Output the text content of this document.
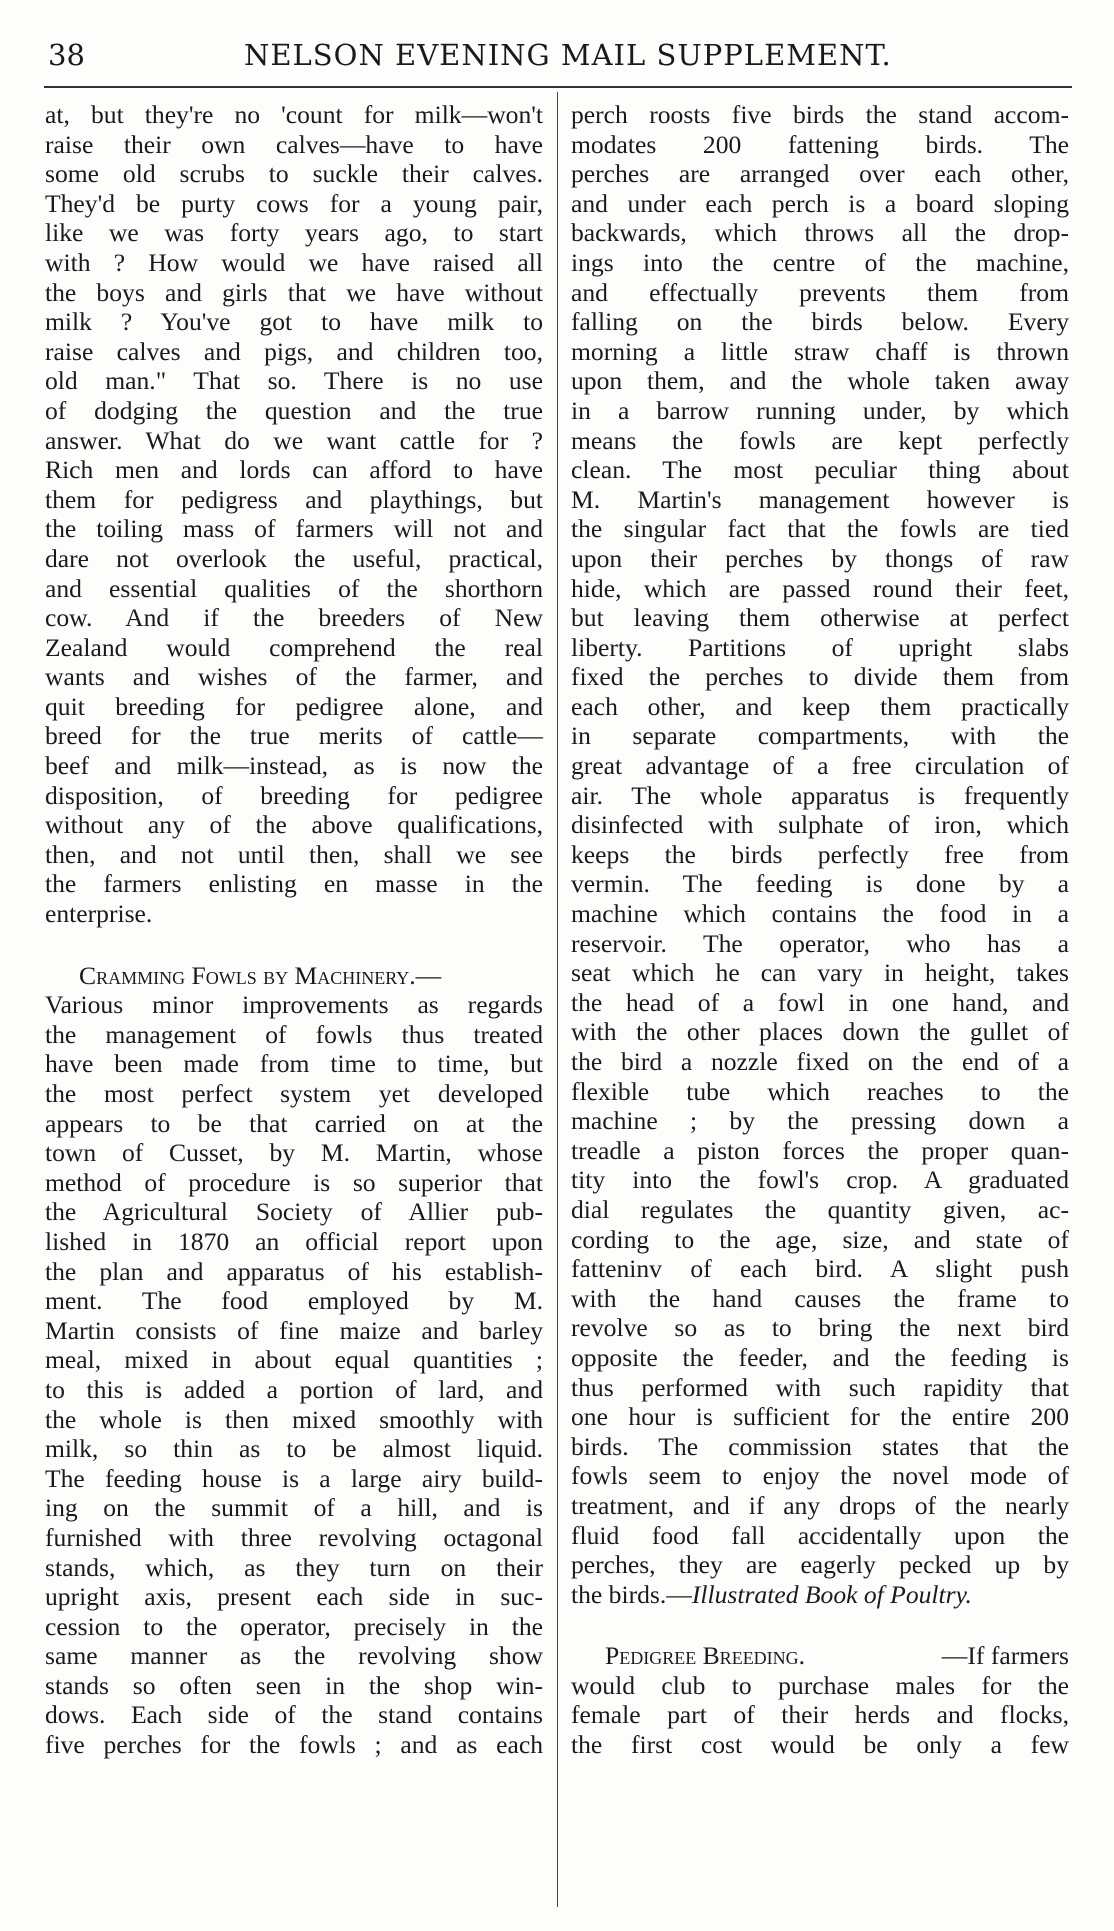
38	NELSON EVENING MAIL SUPPLEMENT.
at, but they're no 'count for milk—won't
raise their own calves—have to have
some old scrubs to suckle their calves.
They'd be purty cows for a young pair,
like we was forty years ago, to start
with ? How would we have raised all
the boys and girls that we have without
milk ? You've got to have milk to
raise calves and pigs, and children too,
old man." That so. There is no use
of dodging the question and the true
answer. What do we want cattle for ?
Rich men and lords can afford to have
them for pedigress and playthings, but
the toiling mass of farmers will not and
dare not overlook the useful, practical,
and essential qualities of the shorthorn
cow. And if the breeders of New
Zealand would comprehend the real
wants and wishes of the farmer, and
quit breeding for pedigree alone, and
breed for the true merits of cattle—
beef and milk—instead, as is now the
disposition, of breeding for pedigree
without any of the above qualifications,
then, and not until then, shall we see
the farmers enlisting en masse in the
enterprise.
Cramming Fowls by Machinery.—
Various minor improvements as regards
the management of fowls thus treated
have been made from time to time, but
the most perfect system yet developed
appears to be that carried on at the
town of Cusset, by M. Martin, whose
method of procedure is so superior that
the Agricultural Society of Allier pub-
lished in 1870 an official report upon
the plan and apparatus of his establish-
ment. The food employed by M.
Martin consists of fine maize and barley
meal, mixed in about equal quantities ;
to this is added a portion of lard, and
the whole is then mixed smoothly with
milk, so thin as to be almost liquid.
The feeding house is a large airy build-
ing on the summit of a hill, and is
furnished with three revolving octagonal
stands, which, as they turn on their
upright axis, present each side in suc-
cession to the operator, precisely in the
same manner as the revolving show
stands so often seen in the shop win-
dows. Each side of the stand contains
five perches for the fowls ; and as each
perch roosts five birds the stand accom-
modates 200 fattening birds. The
perches are arranged over each other,
and under each perch is a board sloping
backwards, which throws all the drop-
ings into the centre of the machine,
and effectually prevents them from
falling on the birds below. Every
morning a little straw chaff is thrown
upon them, and the whole taken away
in a barrow running under, by which
means the fowls are kept perfectly
clean. The most peculiar thing about
M. Martin's management however is
the singular fact that the fowls are tied
upon their perches by thongs of raw
hide, which are passed round their feet,
but leaving them otherwise at perfect
liberty. Partitions of upright slabs
fixed the perches to divide them from
each other, and keep them practically
in separate compartments, with the
great advantage of a free circulation of
air. The whole apparatus is frequently
disinfected with sulphate of iron, which
keeps the birds perfectly free from
vermin. The feeding is done by a
machine which contains the food in a
reservoir. The operator, who has a
seat which he can vary in height, takes
the head of a fowl in one hand, and
with the other places down the gullet of
the bird a nozzle fixed on the end of a
flexible tube which reaches to the
machine ; by the pressing down a
treadle a piston forces the proper quan-
tity into the fowl's crop. A graduated
dial regulates the quantity given, ac-
cording to the age, size, and state of
fatteninv of each bird. A slight push
with the hand causes the frame to
revolve so as to bring the next bird
opposite the feeder, and the feeding is
thus performed with such rapidity that
one hour is sufficient for the entire 200
birds. The commission states that the
fowls seem to enjoy the novel mode of
treatment, and if any drops of the nearly
fluid food fall accidentally upon the
perches, they are eagerly pecked up by
the birds.—Illustrated Book of Poultry.
Pedigree Breeding.	—If farmers
would club to purchase males for the
female part of their herds and flocks,
the first cost would be only a few
